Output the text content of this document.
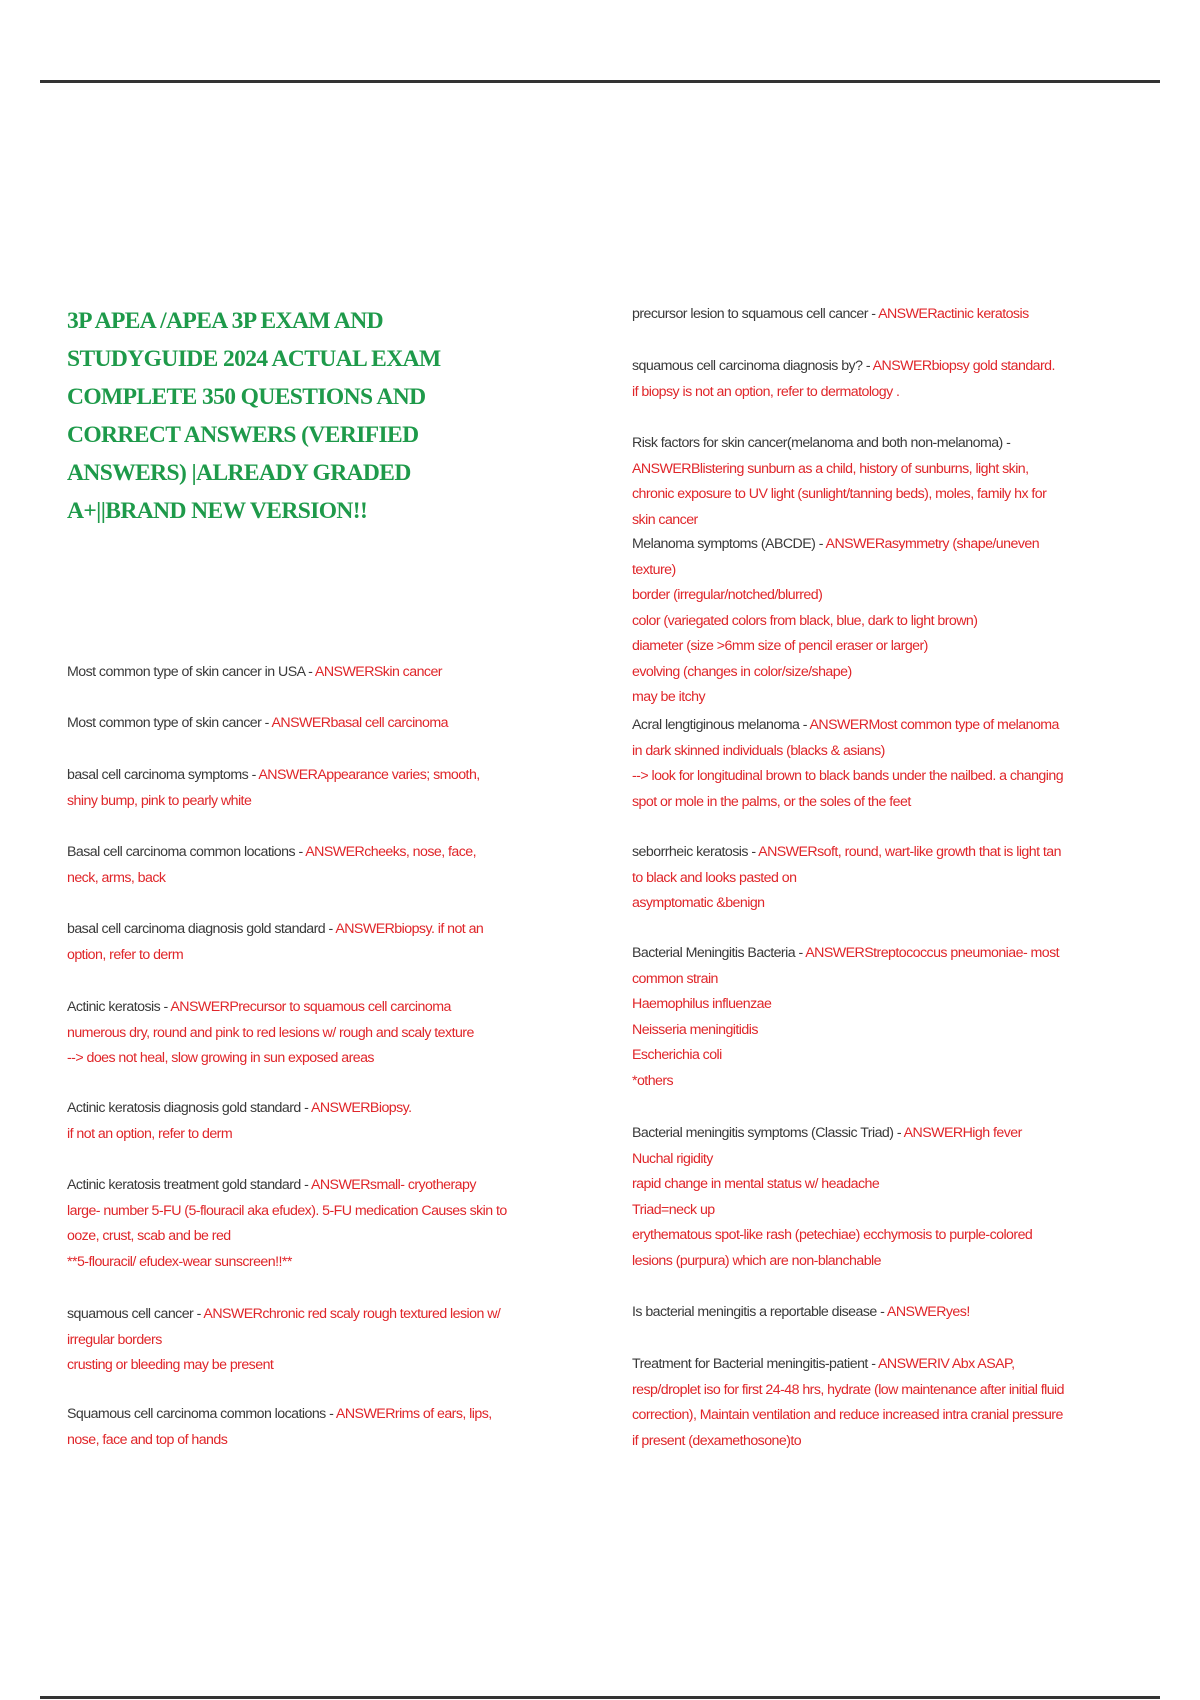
3P APEA /APEA 3P EXAM AND STUDYGUIDE 2024 ACTUAL EXAM COMPLETE 350 QUESTIONS AND CORRECT ANSWERS (VERIFIED ANSWERS) |ALREADY GRADED A+||BRAND NEW VERSION!!

Most common type of skin cancer in USA - ANSWERSkin cancer

Most common type of skin cancer - ANSWERbasal cell carcinoma

basal cell carcinoma symptoms - ANSWERAppearance varies; smooth, shiny bump, pink to pearly white

Basal cell carcinoma common locations - ANSWERcheeks, nose, face, neck, arms, back

basal cell carcinoma diagnosis gold standard - ANSWERbiopsy. if not an option, refer to derm

Actinic keratosis - ANSWERPrecursor to squamous cell carcinoma
numerous dry, round and pink to red lesions w/ rough and scaly texture
--> does not heal, slow growing in sun exposed areas

Actinic keratosis diagnosis gold standard - ANSWERBiopsy.
if not an option, refer to derm

Actinic keratosis treatment gold standard - ANSWERsmall- cryotherapy
large- number 5-FU (5-flouracil aka efudex). 5-FU medication Causes skin to ooze, crust, scab and be red
**5-flouracil/ efudex-wear sunscreen!!**

squamous cell cancer - ANSWERchronic red scaly rough textured lesion w/ irregular borders
crusting or bleeding may be present

Squamous cell carcinoma common locations - ANSWERrims of ears, lips, nose, face and top of hands

precursor lesion to squamous cell cancer - ANSWERactinic keratosis

squamous cell carcinoma diagnosis by? - ANSWERbiopsy gold standard. if biopsy is not an option, refer to dermatology .

Risk factors for skin cancer(melanoma and both non-melanoma) - ANSWERBlistering sunburn as a child, history of sunburns, light skin, chronic exposure to UV light (sunlight/tanning beds), moles, family hx for skin cancer

Melanoma symptoms (ABCDE) - ANSWERasymmetry (shape/uneven texture)
border (irregular/notched/blurred)
color (variegated colors from black, blue, dark to light brown)
diameter (size >6mm size of pencil eraser or larger)
evolving (changes in color/size/shape)
may be itchy

Acral lengtiginous melanoma - ANSWERMost common type of melanoma in dark skinned individuals (blacks & asians)
--> look for longitudinal brown to black bands under the nailbed. a changing spot or mole in the palms, or the soles of the feet

seborrheic keratosis - ANSWERsoft, round, wart-like growth that is light tan to black and looks pasted on
asymptomatic &benign

Bacterial Meningitis Bacteria - ANSWERStreptococcus pneumoniae- most common strain
Haemophilus influenzae
Neisseria meningitidis
Escherichia coli
*others

Bacterial meningitis symptoms (Classic Triad) - ANSWERHigh fever
Nuchal rigidity
rapid change in mental status w/ headache
Triad=neck up
erythematous spot-like rash (petechiae) ecchymosis to purple-colored lesions (purpura) which are non-blanchable

Is bacterial meningitis a reportable disease - ANSWERyes!

Treatment for Bacterial meningitis-patient - ANSWERIV Abx ASAP, resp/droplet iso for first 24-48 hrs, hydrate (low maintenance after initial fluid correction), Maintain ventilation and reduce increased intra cranial pressure if present (dexamethosone)to
